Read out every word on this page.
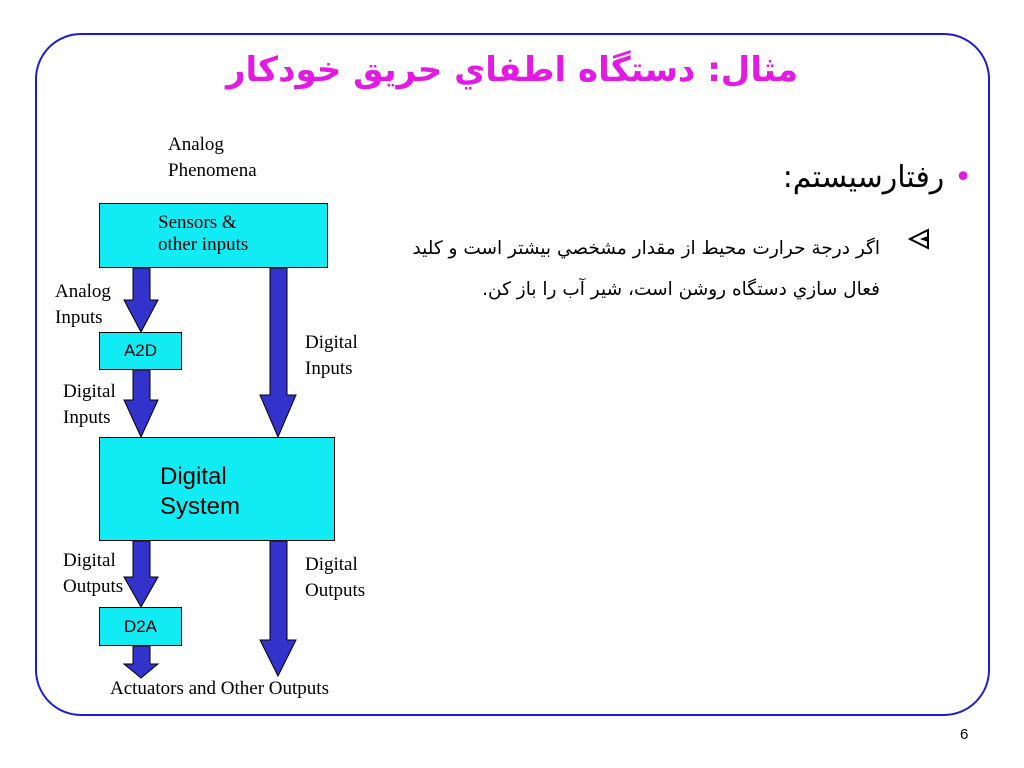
مثال: دستگاه اطفاي حريق خودکار
Analog
Phenomena
Sensors &
other inputs
Analog
Inputs
A2D
Digital
Inputs
Digital
Inputs
Digital
System
Digital
Outputs
Digital
Outputs
D2A
Actuators and Other Outputs
•رفتارسیستم:
اگر درجة حرارت محيط از مقدار مشخصي بيشتر است و کليد فعال سازي دستگاه روشن است، شير آب را باز کن.
6
